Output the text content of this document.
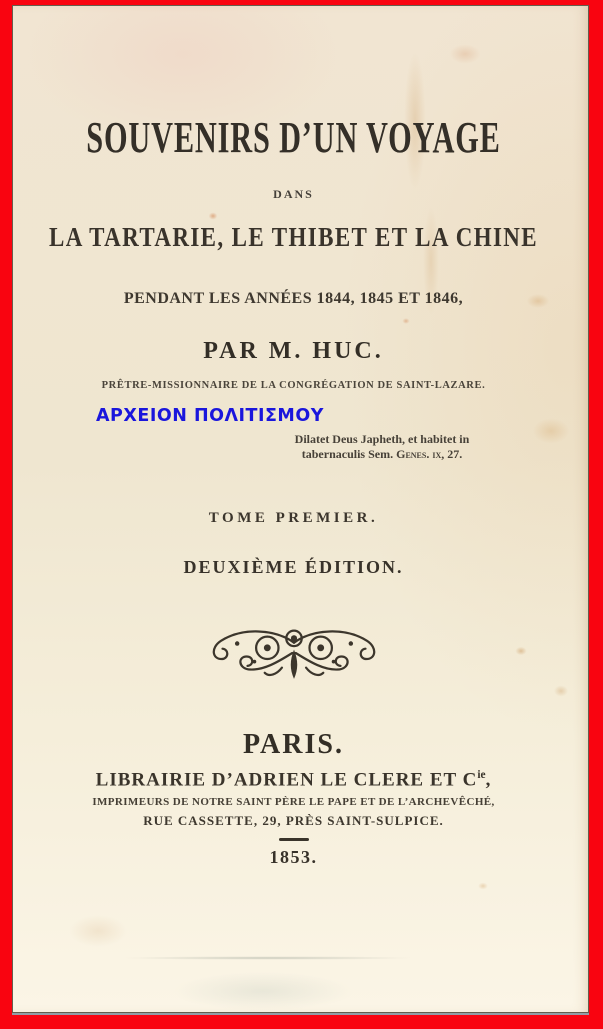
SOUVENIRS D’UN VOYAGE
DANS
LA TARTARIE, LE THIBET ET LA CHINE
PENDANT LES ANNÉES 1844, 1845 ET 1846,
PAR M. HUC.
PRÊTRE-MISSIONNAIRE DE LA CONGRÉGATION DE SAINT-LAZARE.
ΑΡΧΕΙΟΝ ΠΟΛΙΤΙΣΜΟΥ
Dilatet Deus Japheth, et habitet in
tabernaculis Sem. Genes. ix, 27.
TOME PREMIER.
DEUXIÈME ÉDITION.
PARIS.
LIBRAIRIE D’ADRIEN LE CLERE ET $C^{ie}$,
IMPRIMEURS DE NOTRE SAINT PÈRE LE PAPE ET DE L’ARCHEVÊCHÉ,
RUE CASSETTE, 29, PRÈS SAINT-SULPICE.
1853.
